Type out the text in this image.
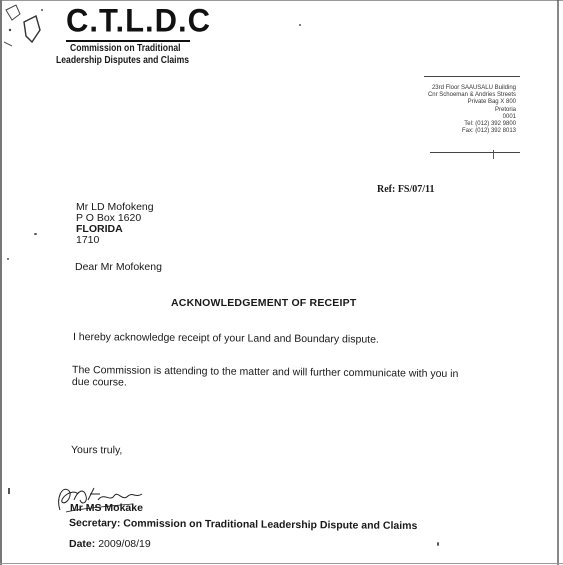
C.T.L.D.C
Commission on Traditional
Leadership Disputes and Claims
23rd Floor SAAUSALU Building
Cnr Schoeman & Andries Streets
Private Bag X 800
Pretoria
0001
Tel: (012) 392 9800
Fax: (012) 392 8013
Ref: FS/07/11
Mr LD Mofokeng
P O Box 1620
FLORIDA
1710
Dear Mr Mofokeng
ACKNOWLEDGEMENT OF RECEIPT
I hereby acknowledge receipt of your Land and Boundary dispute.
The Commission is attending to the matter and will further communicate with you in due course.
Yours truly,
Mr MS Mokake
Secretary: Commission on Traditional Leadership Dispute and Claims
Date: 2009/08/19
